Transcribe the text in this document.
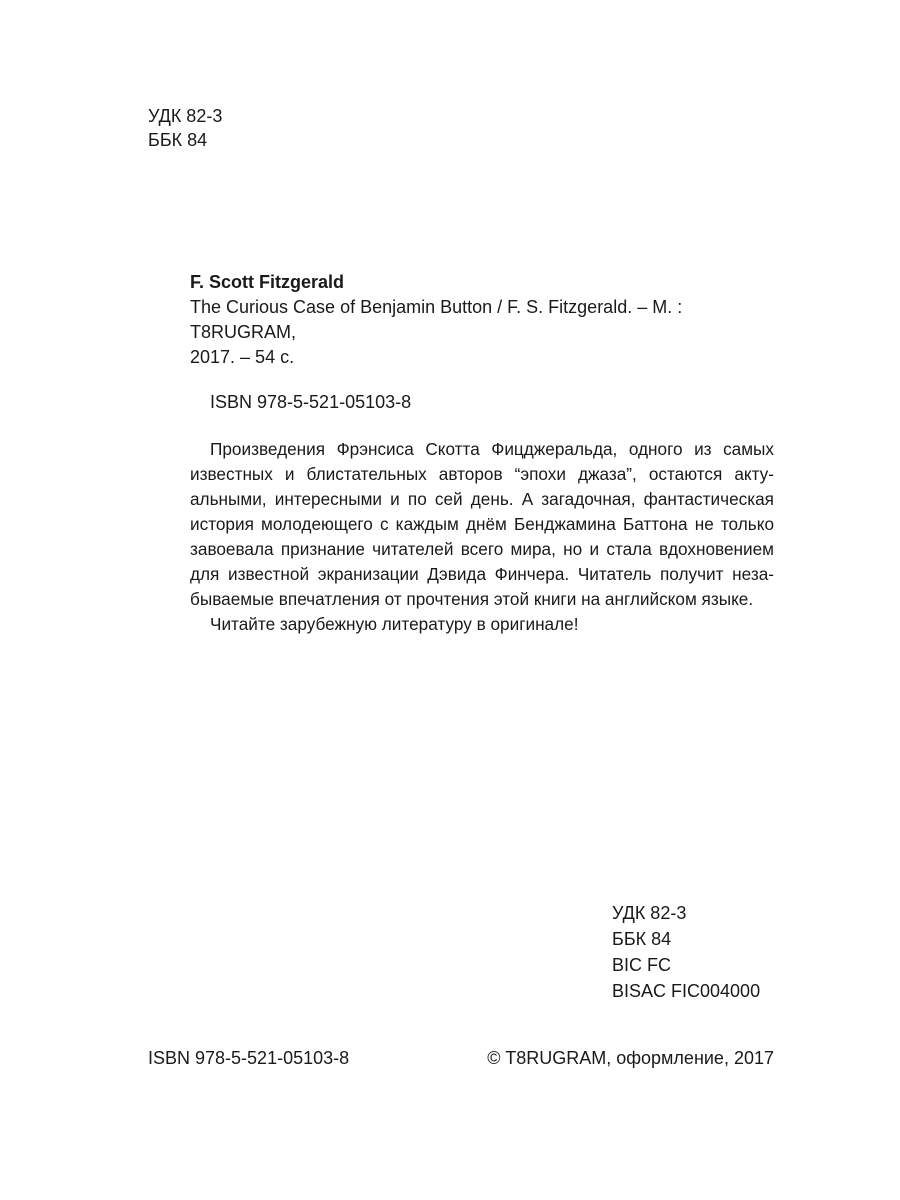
УДК 82-3
ББК 84
F. Scott Fitzgerald
The Curious Case of Benjamin Button / F. S. Fitzgerald. – M. : T8RUGRAM,
2017. – 54 с.
ISBN 978-5-521-05103-8

Произведения Фрэнсиса Скотта Фицджеральда, одного из самых известных и блистательных авторов “эпохи джаза”, остаются актуальными, интересными и по сей день. А загадочная, фантастическая история молодеющего с каждым днём Бенджамина Баттона не только завоевала признание читателей всего мира, но и стала вдохновением для известной экранизации Дэвида Финчера. Читатель получит незабываемые впечатления от прочтения этой книги на английском языке.

Читайте зарубежную литературу в оригинале!

УДК 82-3
ББК 84
BIC FC
BISAC FIC004000
ISBN 978-5-521-05103-8	© T8RUGRAM, оформление, 2017
